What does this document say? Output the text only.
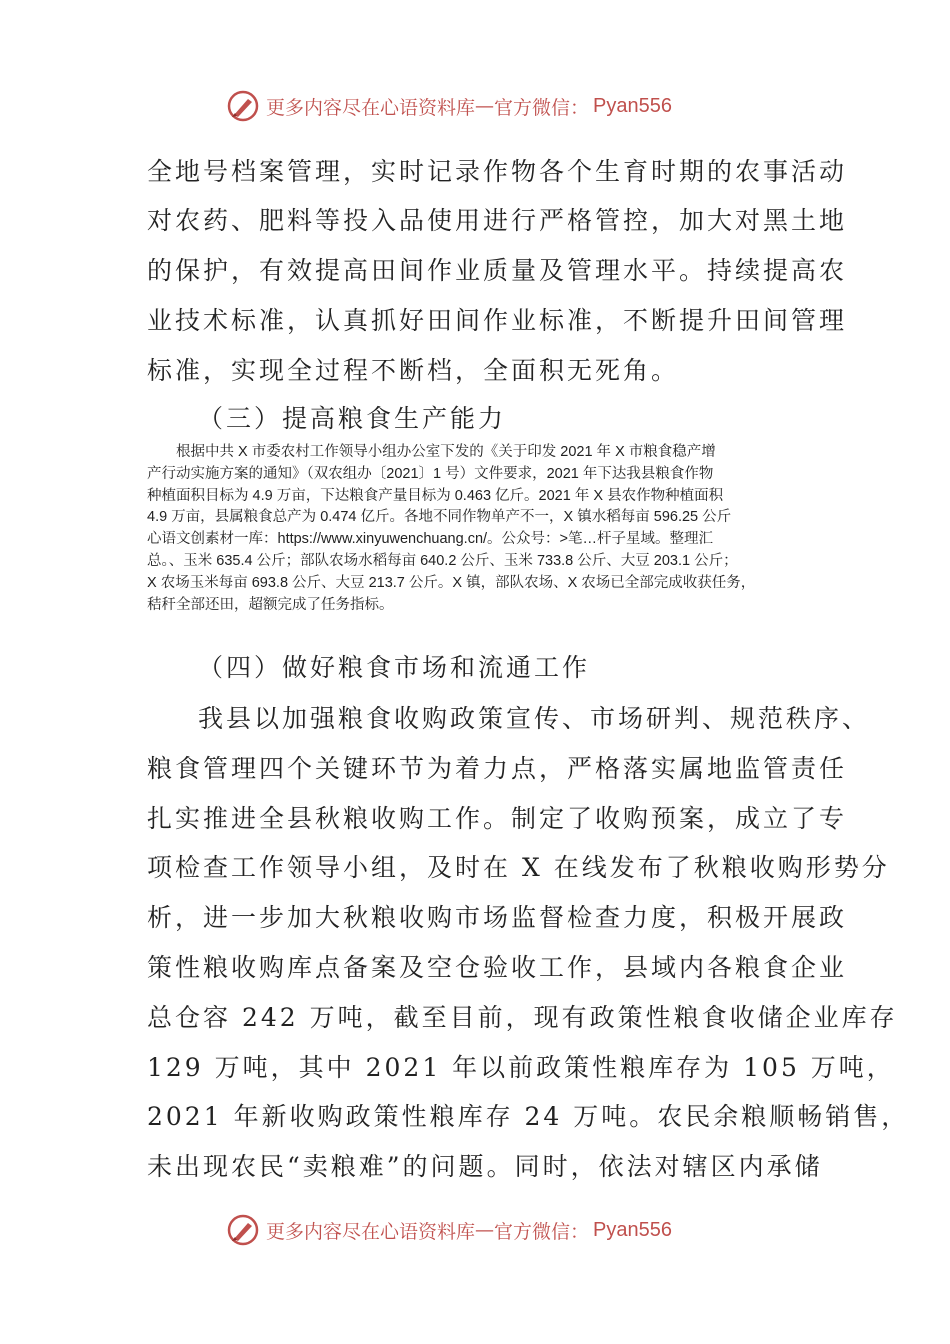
更多内容尽在心语资料库 — 官方微信： Pyan556
全地号档案管理，实时记录作物各个生育时期的农事活动
对农药、肥料等投入品使用进行严格管控，加大对黑土地
的保护，有效提高田间作业质量及管理水平。持续提高农
业技术标准，认真抓好田间作业标准，不断提升田间管理
标准，实现全过程不断档，全面积无死角。
（三）提高粮食生产能力
根据中共 X 市委农村工作领导小组办公室下发的《关于印发 2021 年 X 市粮食稳产增
产行动实施方案的通知》（双农组办〔2021〕1 号）文件要求，2021 年下达我县粮食作物
种植面积目标为 4.9 万亩，下达粮食产量目标为 0.463 亿斤。2021 年 X 县农作物种植面积
4.9 万亩，县属粮食总产为 0.474 亿斤。各地不同作物单产不一，X 镇水稻每亩 596.25 公斤
心语文创素材一库：https://www.xinyuwenchuang.cn/。公众号：>笔…杆子星域。整理汇
总。、玉米 635.4 公斤；部队农场水稻每亩 640.2 公斤、玉米 733.8 公斤、大豆 203.1 公斤；
X 农场玉米每亩 693.8 公斤、大豆 213.7 公斤。X 镇，部队农场、X 农场已全部完成收获任务，
秸秆全部还田，超额完成了任务指标。
（四）做好粮食市场和流通工作
我县以加强粮食收购政策宣传、市场研判、规范秩序、
粮食管理四个关键环节为着力点，严格落实属地监管责任
扎实推进全县秋粮收购工作。制定了收购预案，成立了专
项检查工作领导小组，及时在 X 在线发布了秋粮收购形势分
析，进一步加大秋粮收购市场监督检查力度，积极开展政
策性粮收购库点备案及空仓验收工作，县域内各粮食企业
总仓容 242 万吨，截至目前，现有政策性粮食收储企业库存
129 万吨，其中 2021 年以前政策性粮库存为 105 万吨，
2021 年新收购政策性粮库存 24 万吨。农民余粮顺畅销售，
未出现农民“卖粮难”的问题。同时，依法对辖区内承储
更多内容尽在心语资料库 — 官方微信： Pyan556
